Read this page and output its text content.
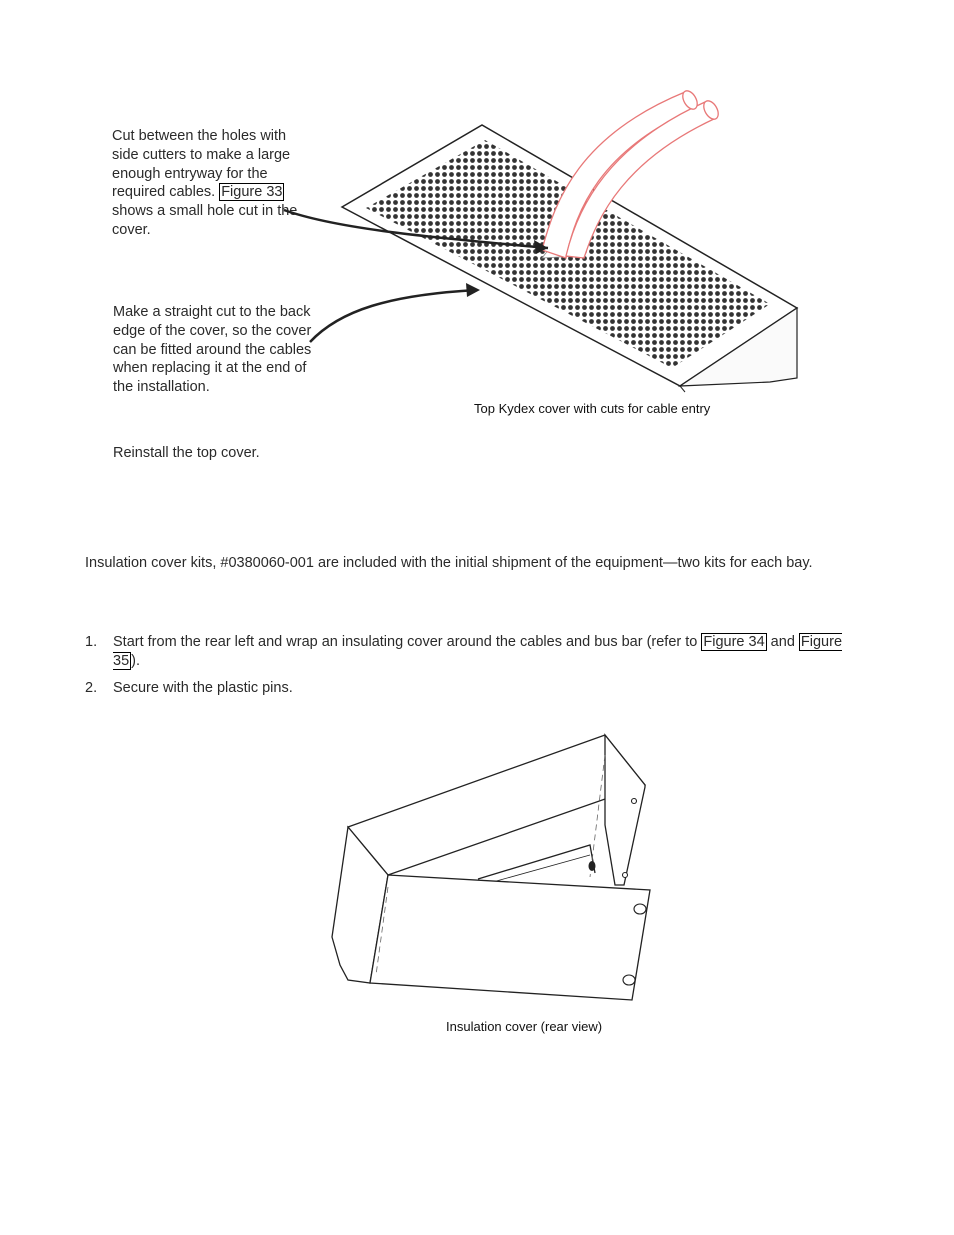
Cut between the holes with side cutters to make a large enough entryway for the required cables. Figure 33 shows a small hole cut in the cover.

Make a straight cut to the back edge of the cover, so the cover can be fitted around the cables when replacing it at the end of the installation.

Reinstall the top cover.

Top Kydex cover with cuts for cable entry

Insulation cover kits, #0380060-001 are included with the initial shipment of the equipment—two kits for each bay.

1. Start from the rear left and wrap an insulating cover around the cables and bus bar (refer to Figure 34 and Figure 35 ).
2. Secure with the plastic pins.
Insulation cover (rear view)
